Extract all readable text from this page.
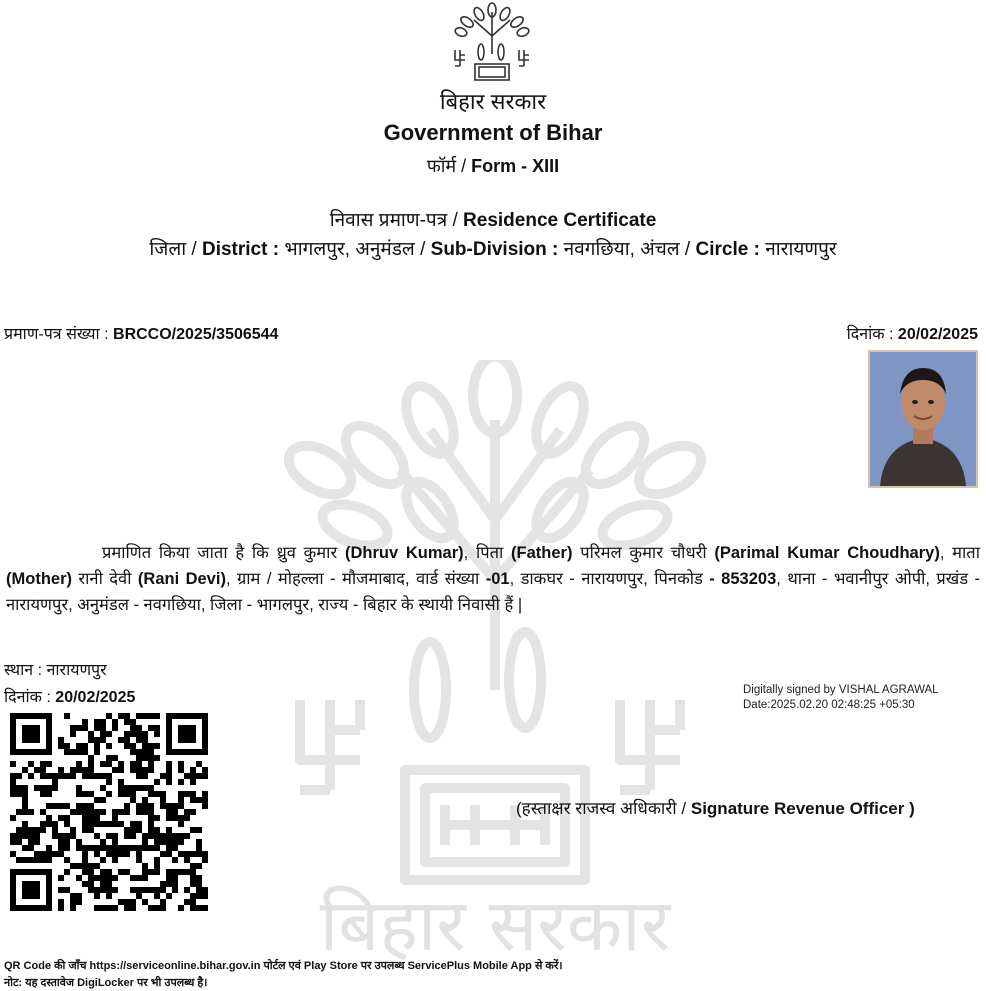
बिहार सरकार
बिहार सरकार
Government of Bihar
फॉर्म / Form - XIII
निवास प्रमाण-पत्र / Residence Certificate
जिला / District : भागलपुर, अनुमंडल / Sub-Division : नवगछिया, अंचल / Circle : नारायणपुर
प्रमाण-पत्र संख्या : BRCCO/2025/3506544	दिनांक : 20/02/2025
प्रमाणित किया जाता है कि ध्रुव कुमार (Dhruv Kumar), पिता (Father) परिमल कुमार चौधरी (Parimal Kumar Choudhary), माता (Mother) रानी देवी (Rani Devi), ग्राम / मोहल्ला - मौजमाबाद, वार्ड संख्या -01, डाकघर - नारायणपुर, पिनकोड - 853203, थाना - भवानीपुर ओपी, प्रखंड - नारायणपुर, अनुमंडल - नवगछिया, जिला - भागलपुर, राज्य - बिहार के स्थायी निवासी हैं |
स्थान : नारायणपुर
दिनांक : 20/02/2025	Digitally signed by VISHAL AGRAWAL
Date:2025.02.20 02:48:25 +05:30
(हस्ताक्षर राजस्व अधिकारी / Signature Revenue Officer )
QR Code की जाँच https://serviceonline.bihar.gov.in पोर्टल एवं Play Store पर उपलब्ध ServicePlus Mobile App से करें।
नोट: यह दस्तावेज DigiLocker पर भी उपलब्ध है।
